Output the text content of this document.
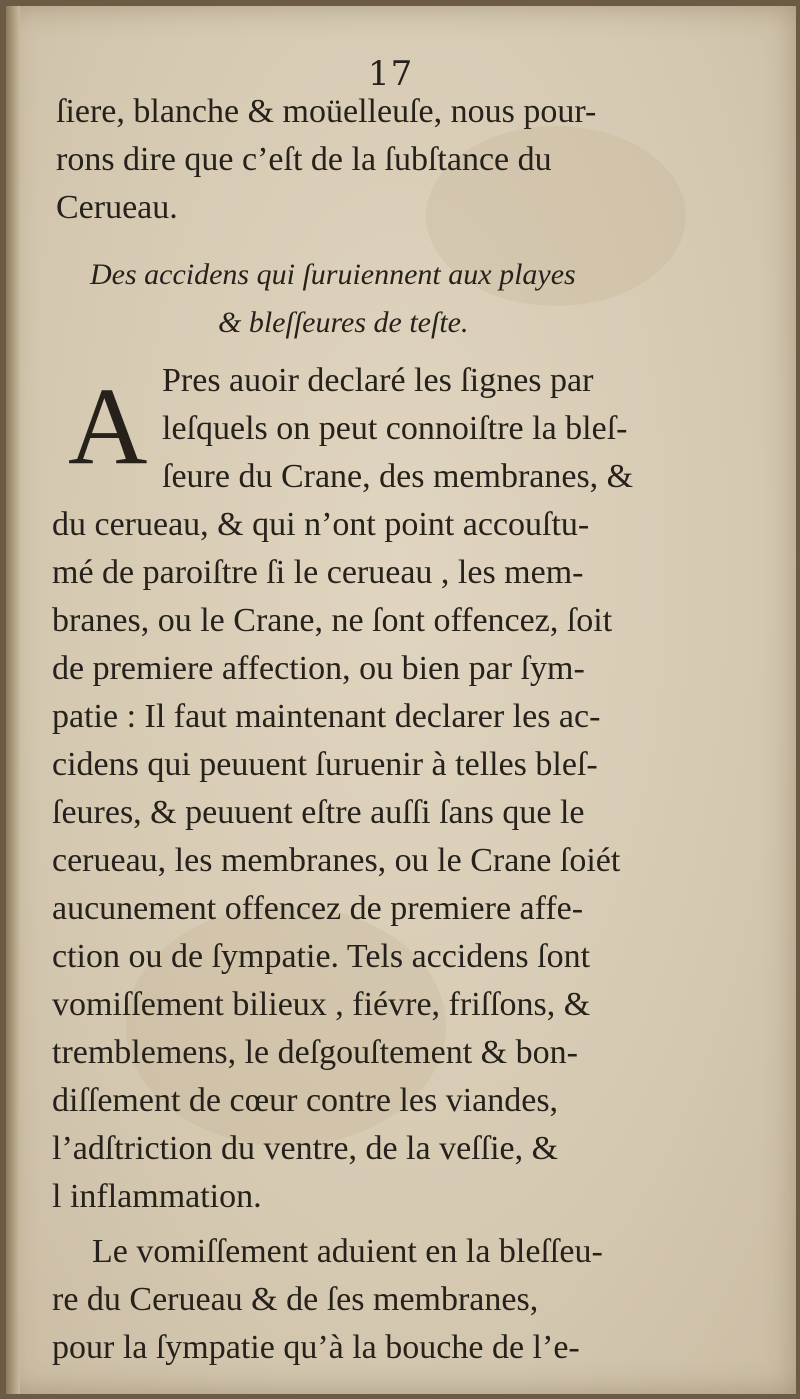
17
ſiere, blanche & moüelleuſe, nous pour-
rons dire que c’eſt de la ſubſtance du
Cerueau.
Des accidens qui ſuruiennent aux playes
& bleſſeures de teſte.
A Pres auoir declaré les ſignes par
leſquels on peut connoiſtre la bleſ-
ſeure du Crane, des membranes, &
du cerueau, & qui n’ont point accouſtu-
mé de paroiſtre ſi le cerueau , les mem-
branes, ou le Crane, ne ſont offencez, ſoit
de premiere affection, ou bien par ſym-
patie : Il faut maintenant declarer les ac-
cidens qui peuuent ſuruenir à telles bleſ-
ſeures, & peuuent eſtre auſſi ſans que le
cerueau, les membranes, ou le Crane ſoiét
aucunement offencez de premiere affe-
ction ou de ſympatie. Tels accidens ſont
vomiſſement bilieux , fiévre, friſſons, &
tremblemens, le deſgouſtement & bon-
diſſement de cœur contre les viandes,
l’adſtriction du ventre, de la veſſie, &
l inflammation.
Le vomiſſement aduient en la bleſſeu-
re du Cerueau & de ſes membranes,
pour la ſympatie qu’à la bouche de l’e-
